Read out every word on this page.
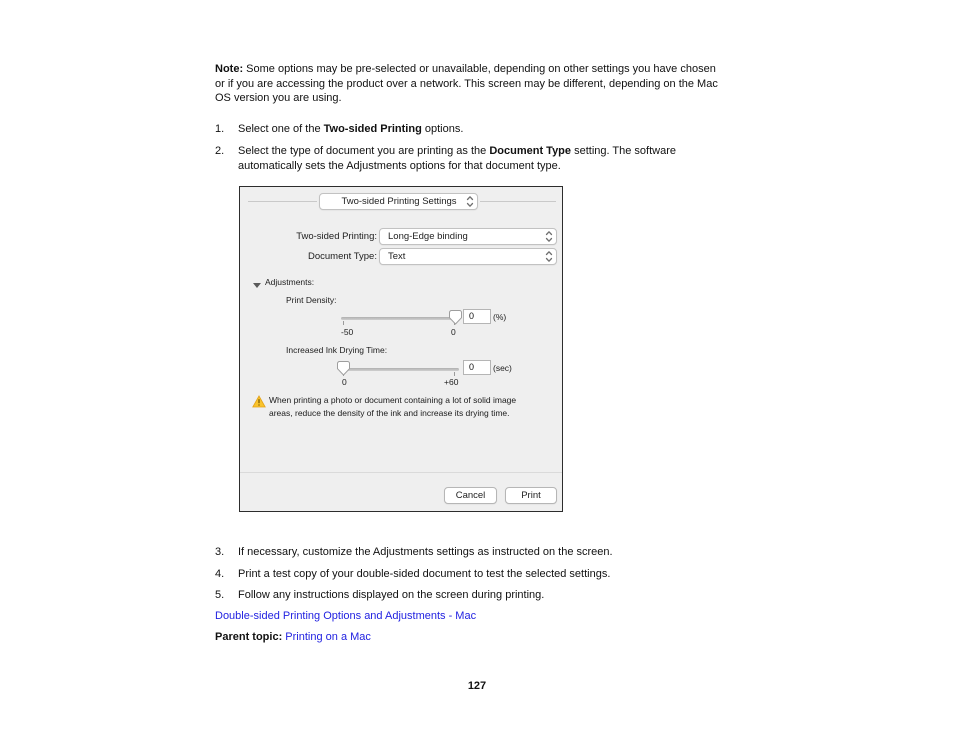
Note: Some options may be pre-selected or unavailable, depending on other settings you have chosen
or if you are accessing the product over a network. This screen may be different, depending on the Mac
OS version you are using.
1. Select one of the Two-sided Printing options.
2. Select the type of document you are printing as the Document Type setting. The software
automatically sets the Adjustments options for that document type.
Two-sided Printing Settings
Two-sided Printing:	Long-Edge binding
Document Type:	Text
Adjustments:
Print Density:
0	(%)
-50	0
Increased Ink Drying Time:
0	(sec)
0	+60
When printing a photo or document containing a lot of solid image
areas, reduce the density of the ink and increase its drying time.
Cancel	Print
3. If necessary, customize the Adjustments settings as instructed on the screen.
4. Print a test copy of your double-sided document to test the selected settings.
5. Follow any instructions displayed on the screen during printing.
Double-sided Printing Options and Adjustments - Mac
Parent topic: Printing on a Mac
127
